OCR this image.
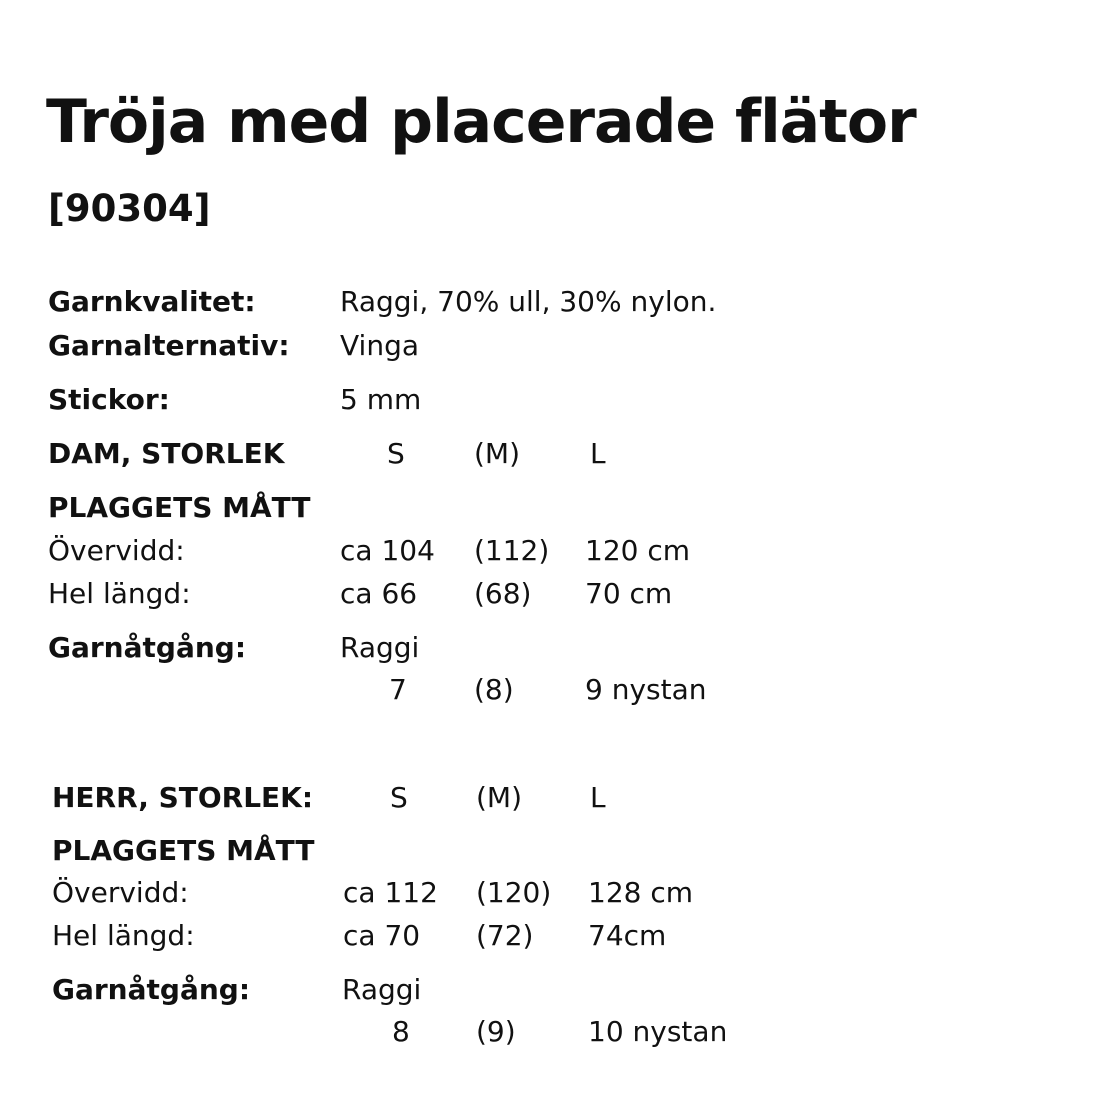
Tröja med placerade flätor
[90304]
Garnkvalitet:	Raggi, 70% ull, 30% nylon.
Garnalternativ: Vinga
Stickor:	5 mm
DAM, STORLEK	S (M) L
PLAGGETS MÅTT
Övervidd:	ca 104 (112) 120 cm
Hel längd:	ca 66 (68) 70 cm
Garnåtgång:	Raggi
7 (8)	9 nystan
HERR, STORLEK:	S (M) L
PLAGGETS MÅTT
Övervidd:	ca 112 (120) 128 cm
Hel längd:	ca 70 (72) 74cm
Garnåtgång:	Raggi
8 (9)	10 nystan
